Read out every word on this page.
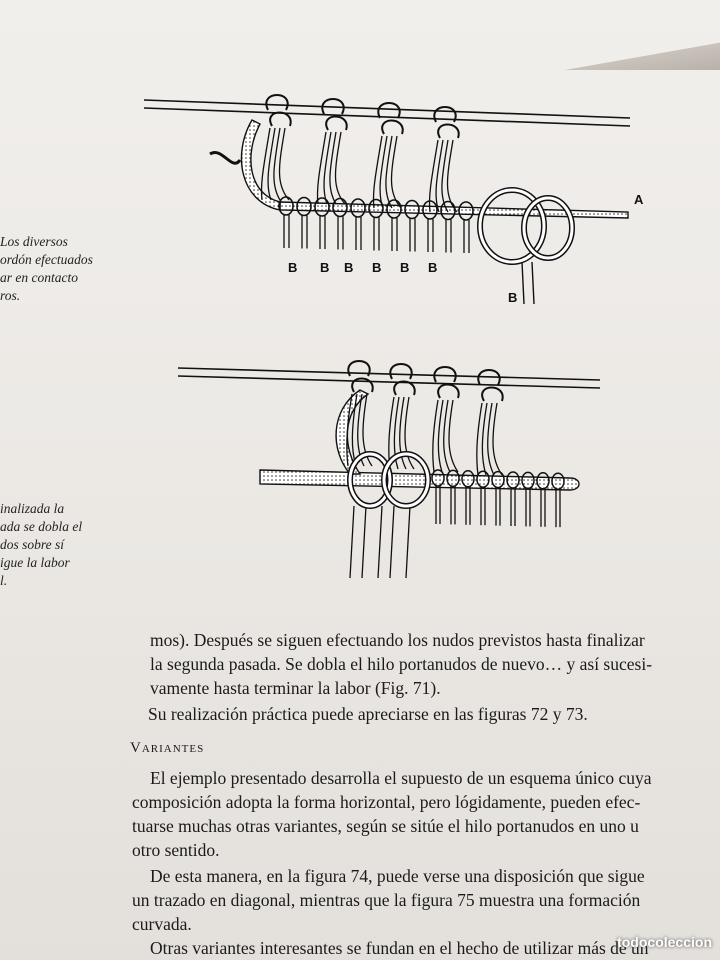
Los diversos
ordón efectuados
ar en contacto
ros.
inalizada la
ada se dobla el
dos sobre sí
igue la labor
l.
A
B B B B B B
B
mos). Después se siguen efectuando los nudos previstos hasta finalizar
la segunda pasada. Se dobla el hilo portanudos de nuevo… y así sucesi-
vamente hasta terminar la labor (Fig. 71).
Su realización práctica puede apreciarse en las figuras 72 y 73.
Variantes
El ejemplo presentado desarrolla el supuesto de un esquema único cuya
composición adopta la forma horizontal, pero lógidamente, pueden efec-
tuarse muchas otras variantes, según se sitúe el hilo portanudos en uno u
otro sentido.
De esta manera, en la figura 74, puede verse una disposición que sigue
un trazado en diagonal, mientras que la figura 75 muestra una formación
curvada.
Otras variantes interesantes se fundan en el hecho de utilizar más de un
todocoleccion
